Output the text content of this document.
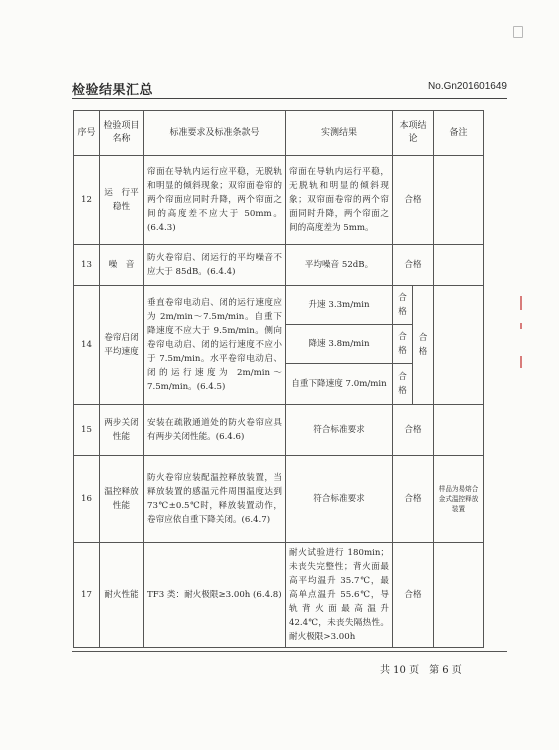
检验结果汇总	No.Gn201601649
序号	检验项目名称	标准要求及标准条款号	实测结果	本项结论		备注
12	运　行平稳性	帘面在导轨内运行应平稳，无脱轨和明显的倾斜现象；双帘面卷帘的两个帘面应同时升降，两个帘面之间的高度差不应大于 50mm。(6.4.3)	帘面在导轨内运行平稳，无脱轨和明显的倾斜现象；双帘面卷帘的两个帘面同时升降，两个帘面之间的高度差为 5mm。	合格		
13	噪　音	防火卷帘启、闭运行的平均噪音不应大于 85dB。(6.4.4)	平均噪音 52dB。	合格		
14	卷帘启闭平均速度	垂直卷帘电动启、闭的运行速度应为 2m/min～7.5m/min。自重下降速度不应大于 9.5m/min。侧向卷帘电动启、闭的运行速度不应小于 7.5m/min。水平卷帘电动启、闭的运行速度为 2m/min～7.5m/min。(6.4.5)	升速 3.3m/min	合格	合格	
			降速 3.8m/min	合格		
			自重下降速度 7.0m/min	合格		
15	两步关闭性能	安装在疏散通道处的防火卷帘应具有两步关闭性能。(6.4.6)	符合标准要求	合格		
16	温控释放性能	防火卷帘应装配温控释放装置，当释放装置的感温元件周围温度达到 73℃±0.5℃时，释放装置动作，卷帘应依自重下降关闭。(6.4.7)	符合标准要求	合格		样品为易熔合金式温控释放装置
17	耐火性能	TF3 类：耐火极限≥3.00h (6.4.8)	耐火试验进行 180min；未丧失完整性；背火面最高平均温升 35.7℃，最高单点温升 55.6℃，导轨背火面最高温升 42.4℃，未丧失隔热性。耐火极限>3.00h	合格		
共 10 页　第 6 页
